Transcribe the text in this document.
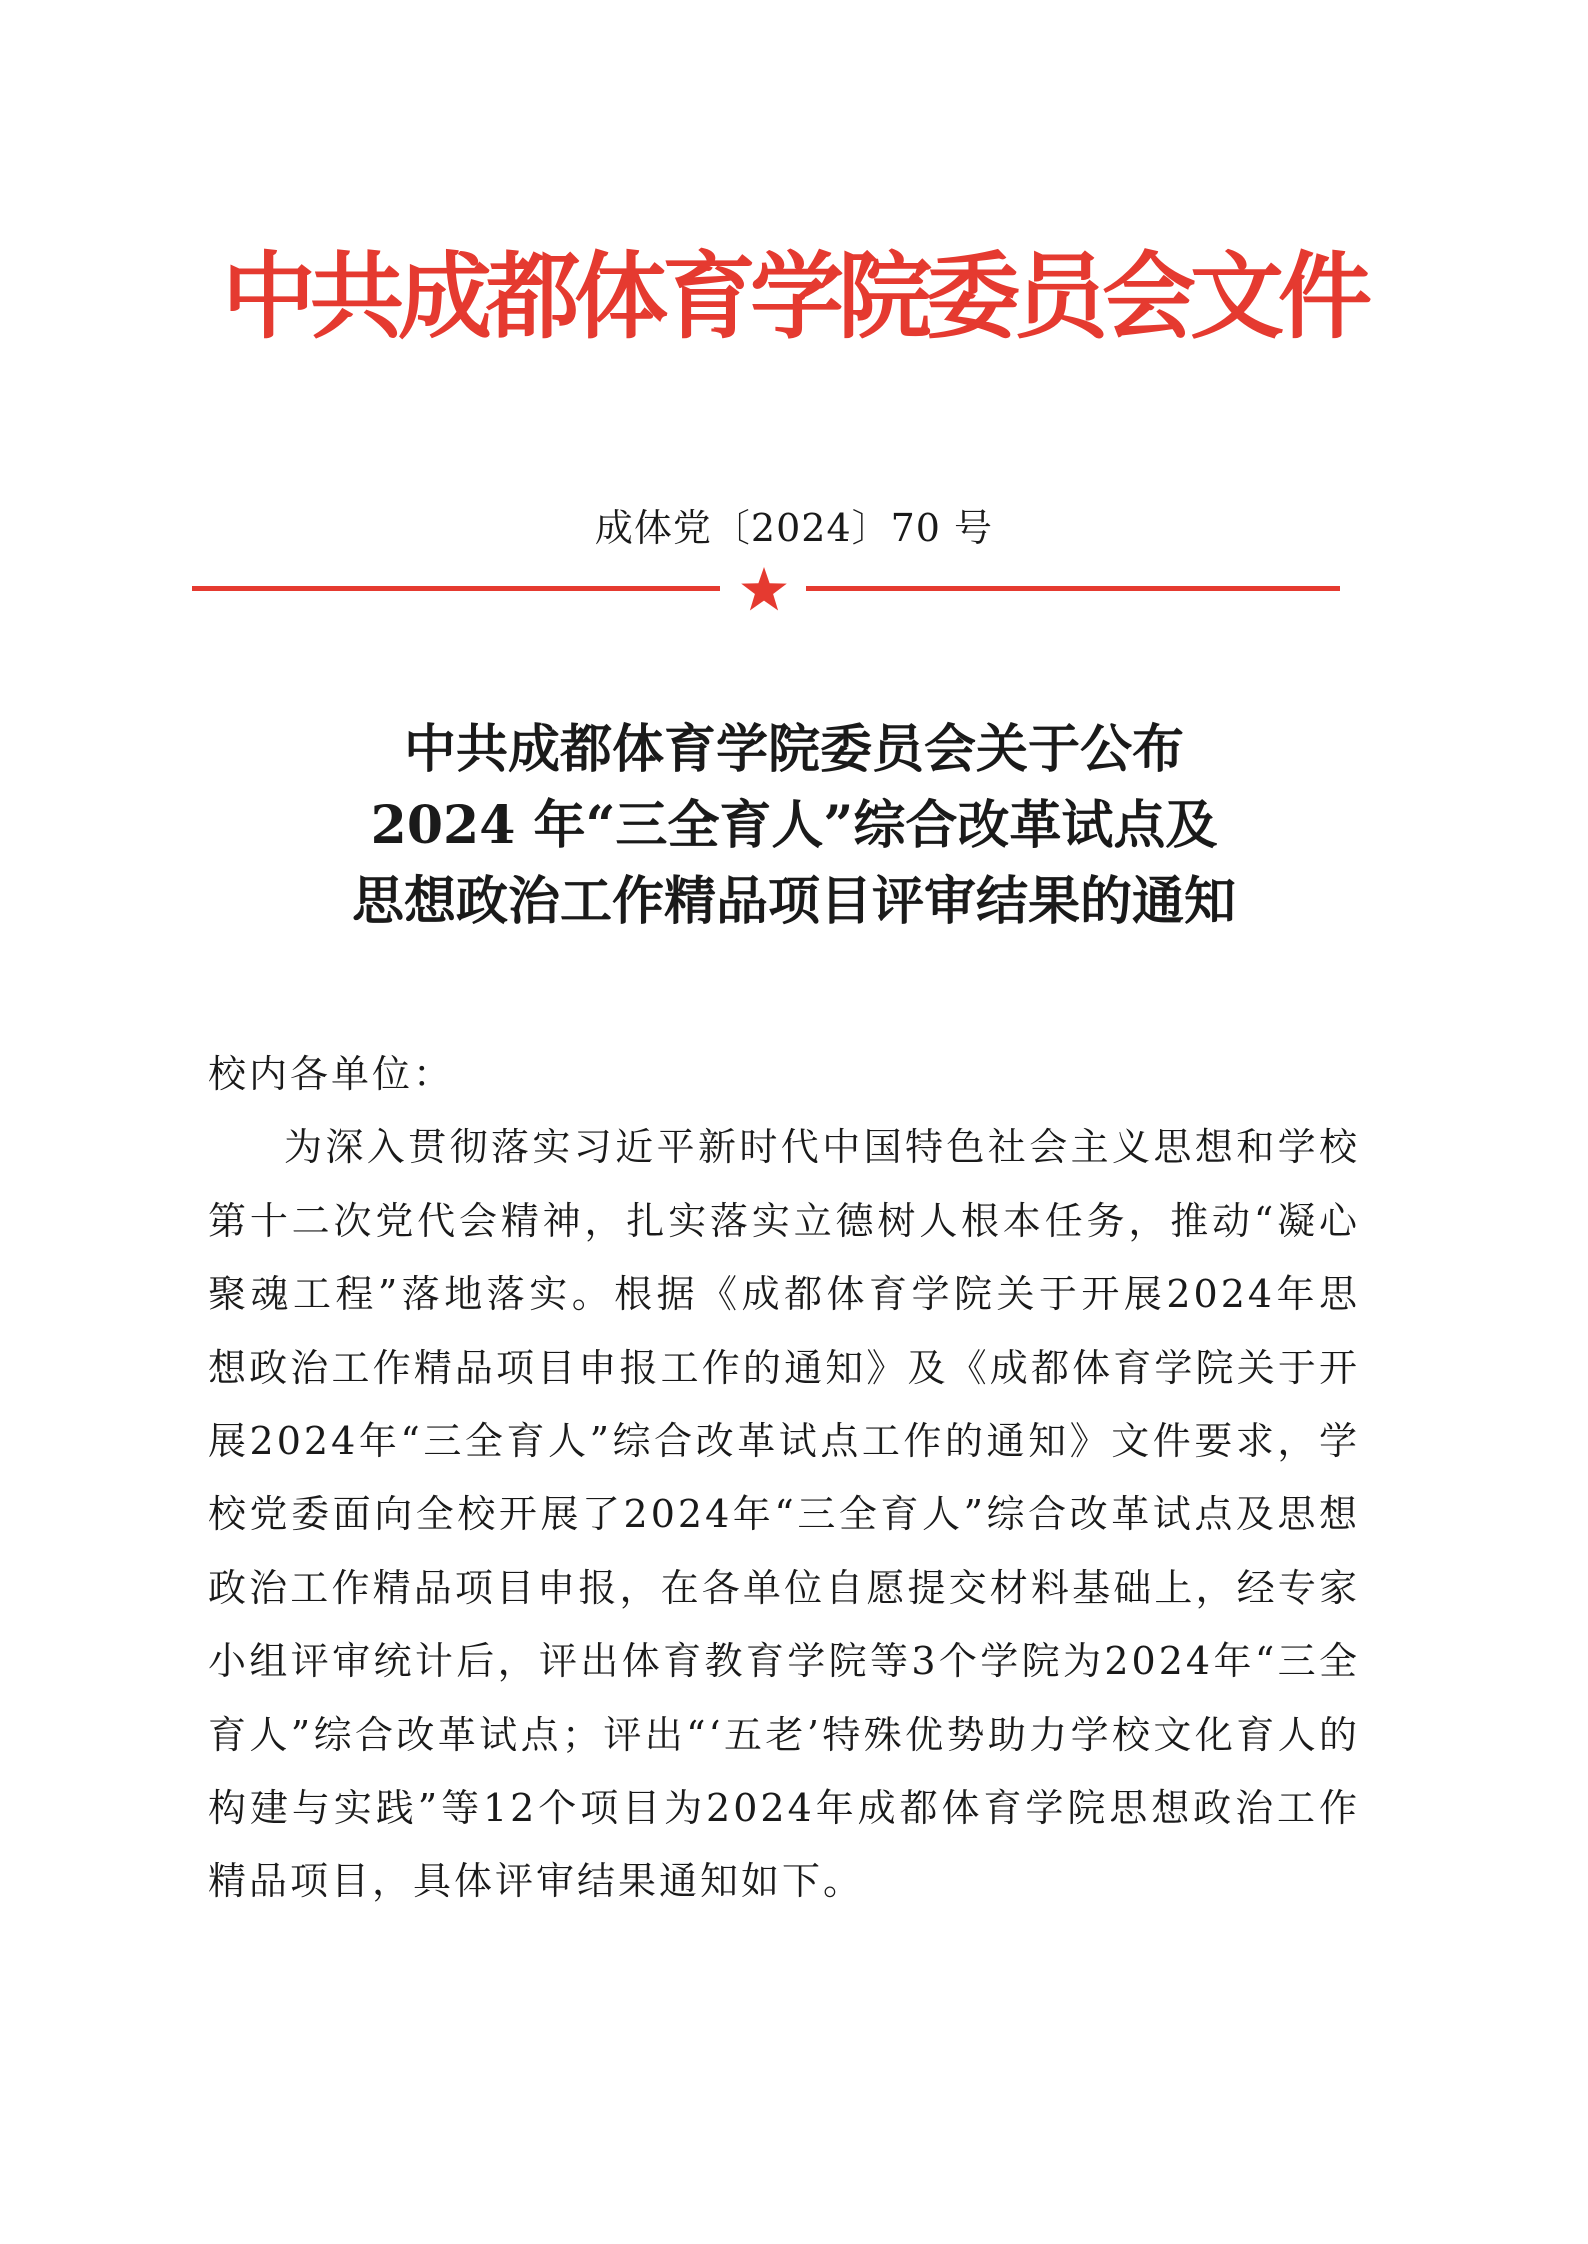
中共成都体育学院委员会文件
成体党〔2024〕70 号
中共成都体育学院委员会关于公布
2024 年“三全育人”综合改革试点及
思想政治工作精品项目评审结果的通知

校内各单位：

为深入贯彻落实习近平新时代中国特色社会主义思想和学校第十二次党代会精神，扎实落实立德树人根本任务，推动“凝心聚魂工程”落地落实。根据《成都体育学院关于开展2024年思想政治工作精品项目申报工作的通知》及《成都体育学院关于开展2024年“三全育人”综合改革试点工作的通知》文件要求，学校党委面向全校开展了2024年“三全育人”综合改革试点及思想政治工作精品项目申报，在各单位自愿提交材料基础上，经专家小组评审统计后，评出体育教育学院等3个学院为2024年“三全育人”综合改革试点；评出“‘五老’特殊优势助力学校文化育人的构建与实践”等12个项目为2024年成都体育学院思想政治工作精品项目，具体评审结果通知如下。
